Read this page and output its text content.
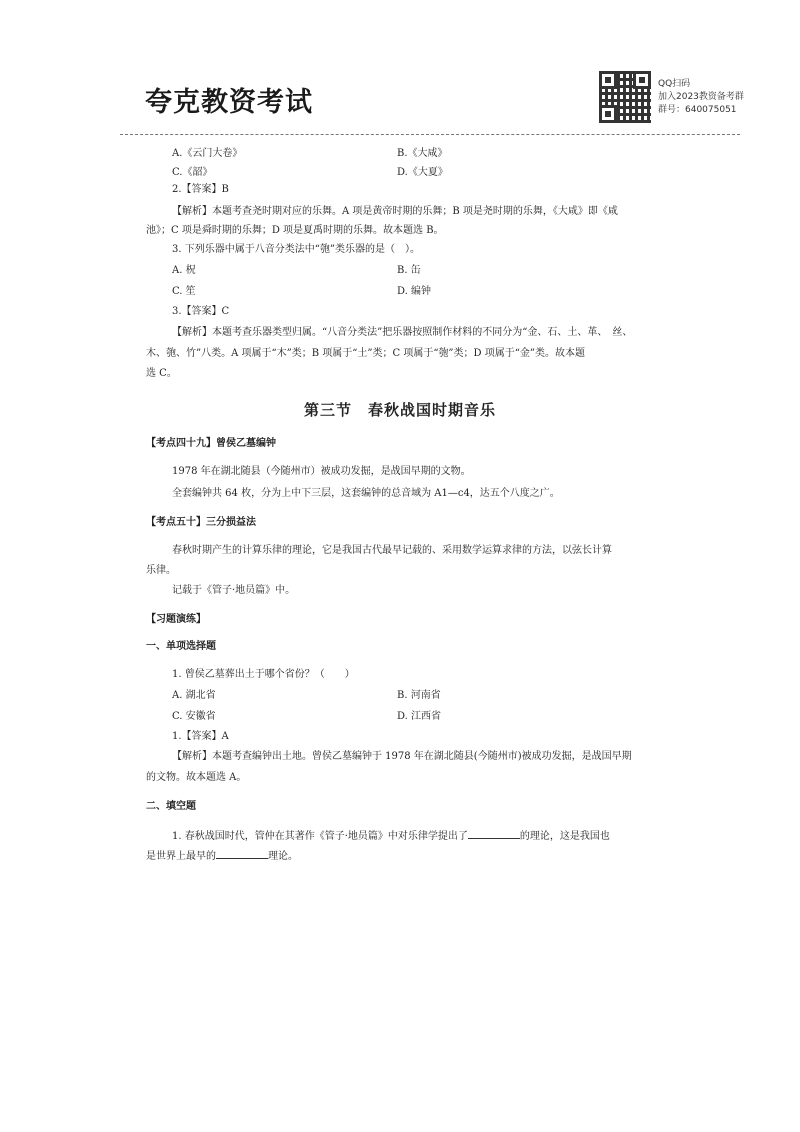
夸克教资考试
QQ扫码
加入2023教资备考群
群号：640075051
A.《云门大卷》	B.《大咸》
C.《韶》	D.《大夏》
2.【答案】B
【解析】本题考查尧时期对应的乐舞。A 项是黄帝时期的乐舞；B 项是尧时期的乐舞，《大咸》即《咸
池》；C 项是舜时期的乐舞；D 项是夏禹时期的乐舞。故本题选 B。
3. 下列乐器中属于八音分类法中“匏”类乐器的是（　）。
A. 柷	B. 缶
C. 笙	D. 编钟
3.【答案】C
【解析】本题考查乐器类型归属。“八音分类法”把乐器按照制作材料的不同分为“金、石、土、革、　丝、
木、匏、竹”八类。A 项属于“木”类；B 项属于“土”类；C 项属于“匏”类；D 项属于“金”类。故本题
选 C。
第三节　春秋战国时期音乐
【考点四十九】曾侯乙墓编钟
1978 年在湖北随县（今随州市）被成功发掘，是战国早期的文物。
全套编钟共 64 枚，分为上中下三层，这套编钟的总音域为 A1—c4，达五个八度之广。
【考点五十】三分损益法
春秋时期产生的计算乐律的理论，它是我国古代最早记载的、采用数学运算求律的方法，以弦长计算
乐律。
记载于《管子·地员篇》中。
【习题演练】
一、单项选择题
1. 曾侯乙墓葬出土于哪个省份？（　　）
A. 湖北省	B. 河南省
C. 安徽省	D. 江西省
1.【答案】A
【解析】本题考查编钟出土地。曾侯乙墓编钟于 1978 年在湖北随县(今随州市)被成功发掘，是战国早期
的文物。故本题选 A。
二、填空题
1. 春秋战国时代，管仲在其著作《管子·地员篇》中对乐律学提出了	的理论，这是我国也
是世界上最早的	理论。
